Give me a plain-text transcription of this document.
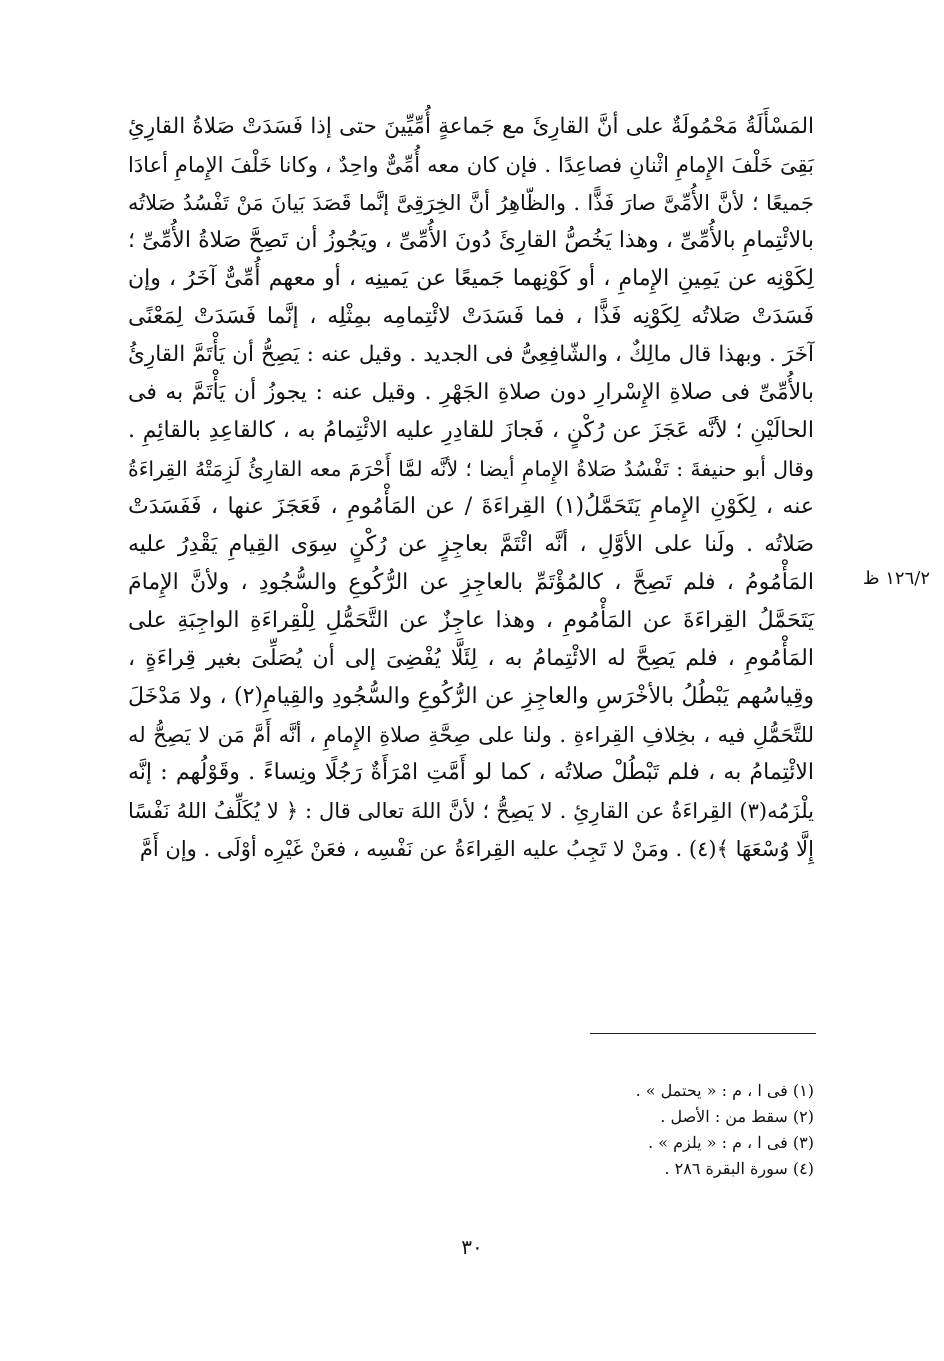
المَسْأَلَةُ مَحْمُولَةٌ على أنَّ القارِئَ مع جَماعةٍ أُمِّيِّينَ حتى إذا فَسَدَتْ صَلاةُ القارِئِ
بَقِىَ خَلْفَ الإِمامِ اثْنانِ فصاعِدًا . فإن كان معه أُمِّىٌّ واحِدٌ ، وكانا خَلْفَ الإِمامِ أعادَا
جَميعًا ؛ لأنَّ الأُمِّىَّ صارَ فَذًّا . والظّاهِرُ أنَّ الخِرَقِىَّ إنَّما قَصَدَ بَيانَ مَنْ تَفْسُدُ صَلاتُه
بالائْتِمامِ بالأُمِّىِّ ، وهذا يَخُصُّ القارِئَ دُونَ الأُمِّىِّ ، ويَجُوزُ أن تَصِحَّ صَلاةُ الأُمِّىِّ ؛
لِكَوْنِه عن يَمِينِ الإِمامِ ، أو كَوْنِهما جَميعًا عن يَمينِه ، أو معهم أُمِّىٌّ آخَرُ ، وإن
فَسَدَتْ صَلاتُه لِكَوْنِه فَذًّا ، فما فَسَدَتْ لائْتِمامِه بمِثْلِه ، إنَّما فَسَدَتْ لِمَعْنًى
آخَرَ . وبهذا قال مالِكٌ ، والشّافِعِىُّ فى الجديد . وقيل عنه : يَصِحُّ أن يَأْتَمَّ القارِئُ
بالأُمِّىِّ فى صلاةِ الإِسْرارِ دون صلاةِ الجَهْرِ . وقيل عنه : يجوزُ أن يَأْتَمَّ به فى
الحالَيْنِ ؛ لأنَّه عَجَزَ عن رُكْنٍ ، فَجازَ للقادِرِ عليه الائْتِمامُ به ، كالقاعِدِ بالقائِمِ .
وقال أبو حنيفةَ : تَفْسُدُ صَلاةُ الإِمامِ أيضا ؛ لأنَّه لمَّا أَحْرَمَ معه القارِئُ لَزِمَتْهُ القِراءَةُ
عنه ، لِكَوْنِ الإِمامِ يَتَحَمَّلُ(١) القِراءَةَ / عن المَأْمُومِ ، فَعَجَزَ عنها ، فَفَسَدَتْ
صَلاتُه . ولَنا على الأوَّلِ ، أنَّه ائْتَمَّ بعاجِزٍ عن رُكْنٍ سِوَى القِيامِ يَقْدِرُ عليه
المَأْمُومُ ، فلم تَصِحَّ ، كالمُؤْتَمِّ بالعاجِزِ عن الرُّكُوعِ والسُّجُودِ ، ولأنَّ الإِمامَ
يَتَحَمَّلُ القِراءَةَ عن المَأْمُومِ ، وهذا عاجِزٌ عن التَّحَمُّلِ لِلْقِراءَةِ الواجِبَةِ على
المَأْمُومِ ، فلم يَصِحَّ له الائْتِمامُ به ، لِئَلَّا يُفْضِىَ إلى أن يُصَلِّىَ بغير قِراءَةٍ ،
وقِياسُهم يَبْطُلُ بالأخْرَسِ والعاجِزِ عن الرُّكُوعِ والسُّجُودِ والقِيامِ(٢) ، ولا مَدْخَلَ
للتَّحَمُّلِ فيه ، بخِلافِ القِراءةِ . ولنا على صِحَّةِ صلاةِ الإِمامِ ، أنَّه أَمَّ مَن لا يَصِحُّ له
الائْتِمامُ به ، فلم تَبْطُلْ صلاتُه ، كما لو أَمَّتِ امْرَأَةٌ رَجُلًا ونِساءً . وقَوْلُهم : إنَّه
يلْزَمُه(٣) القِراءَةُ عن القارِئِ . لا يَصِحُّ ؛ لأنَّ اللهَ تعالى قال : ﴿ لا يُكَلِّفُ اللهُ نَفْسًا
إِلَّا وُسْعَهَا ﴾(٤) . ومَنْ لا تَجِبُ عليه القِراءَةُ عن نَفْسِه ، فعَنْ غَيْرِه أوْلَى . وإن أَمَّ
١٢٦/٢ ظ
(١) فى ا ، م : « يحتمل » .
(٢) سقط من : الأصل .
(٣) فى ا ، م : « يلزم » .
(٤) سورة البقرة ٢٨٦ .
٣٠
